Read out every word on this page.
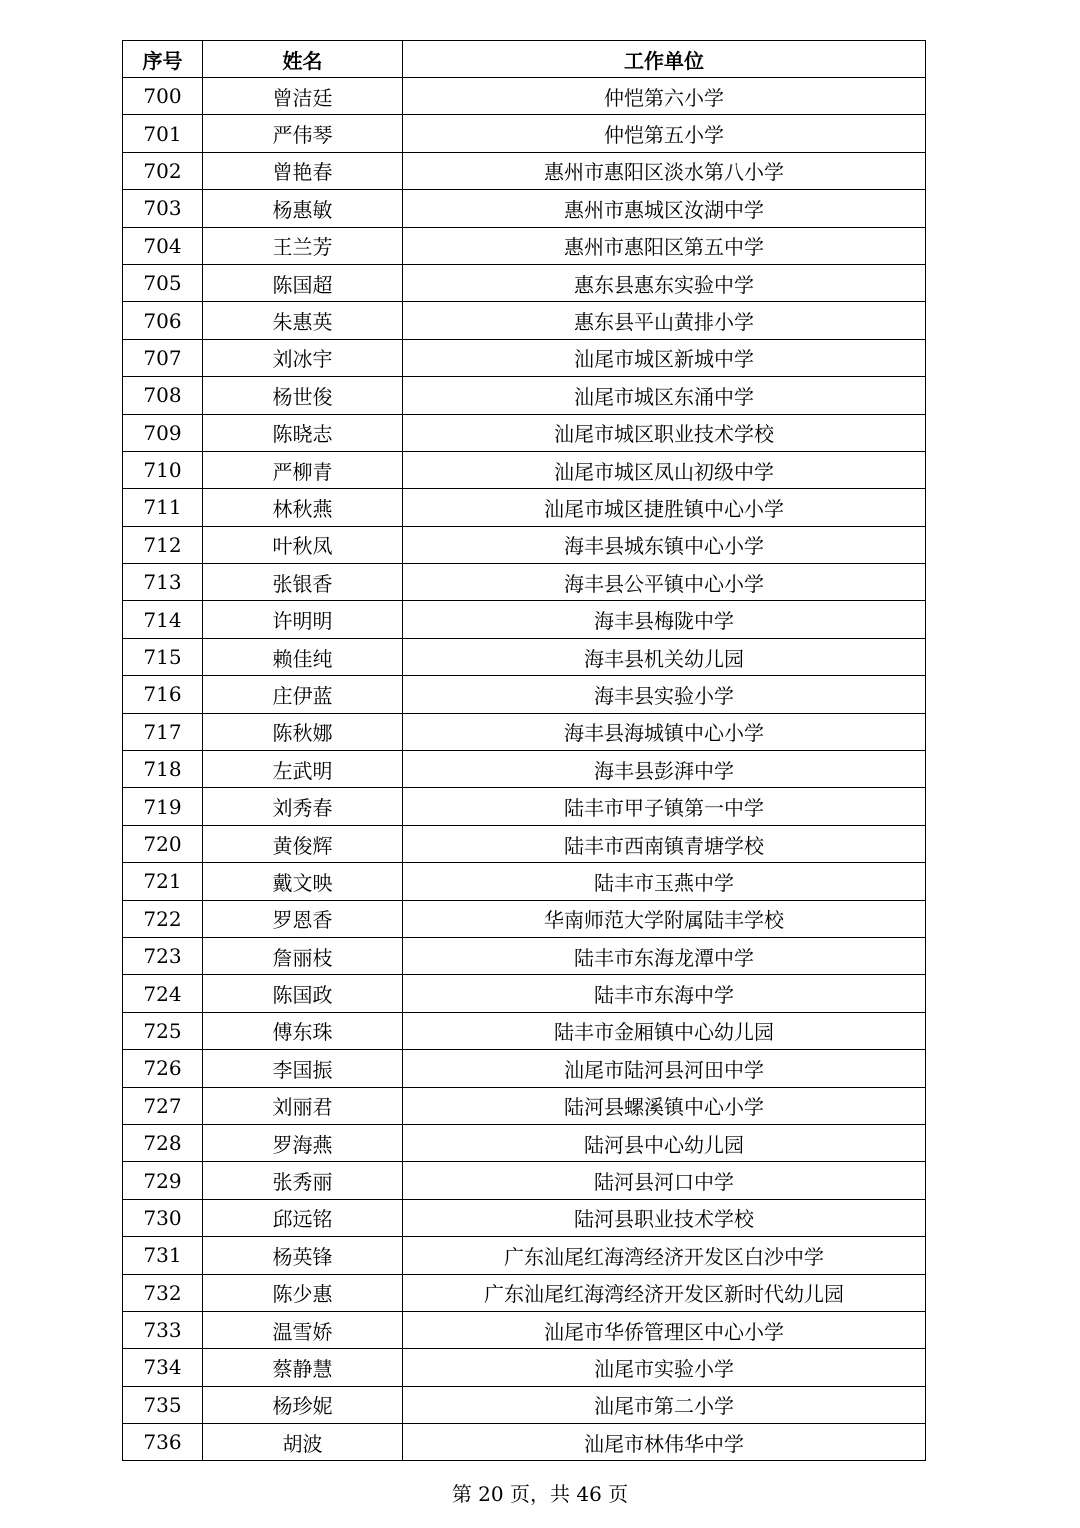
序号	姓名	工作单位
700	曾洁廷	仲恺第六小学
701	严伟琴	仲恺第五小学
702	曾艳春	惠州市惠阳区淡水第八小学
703	杨惠敏	惠州市惠城区汝湖中学
704	王兰芳	惠州市惠阳区第五中学
705	陈国超	惠东县惠东实验中学
706	朱惠英	惠东县平山黄排小学
707	刘冰宇	汕尾市城区新城中学
708	杨世俊	汕尾市城区东涌中学
709	陈晓志	汕尾市城区职业技术学校
710	严柳青	汕尾市城区凤山初级中学
711	林秋燕	汕尾市城区捷胜镇中心小学
712	叶秋凤	海丰县城东镇中心小学
713	张银香	海丰县公平镇中心小学
714	许明明	海丰县梅陇中学
715	赖佳纯	海丰县机关幼儿园
716	庄伊蓝	海丰县实验小学
717	陈秋娜	海丰县海城镇中心小学
718	左武明	海丰县彭湃中学
719	刘秀春	陆丰市甲子镇第一中学
720	黄俊辉	陆丰市西南镇青塘学校
721	戴文映	陆丰市玉燕中学
722	罗恩香	华南师范大学附属陆丰学校
723	詹丽枝	陆丰市东海龙潭中学
724	陈国政	陆丰市东海中学
725	傅东珠	陆丰市金厢镇中心幼儿园
726	李国振	汕尾市陆河县河田中学
727	刘丽君	陆河县螺溪镇中心小学
728	罗海燕	陆河县中心幼儿园
729	张秀丽	陆河县河口中学
730	邱远铭	陆河县职业技术学校
731	杨英锋	广东汕尾红海湾经济开发区白沙中学
732	陈少惠	广东汕尾红海湾经济开发区新时代幼儿园
733	温雪娇	汕尾市华侨管理区中心小学
734	蔡静慧	汕尾市实验小学
735	杨珍妮	汕尾市第二小学
736	胡波	汕尾市林伟华中学
第 20 页，共 46 页
